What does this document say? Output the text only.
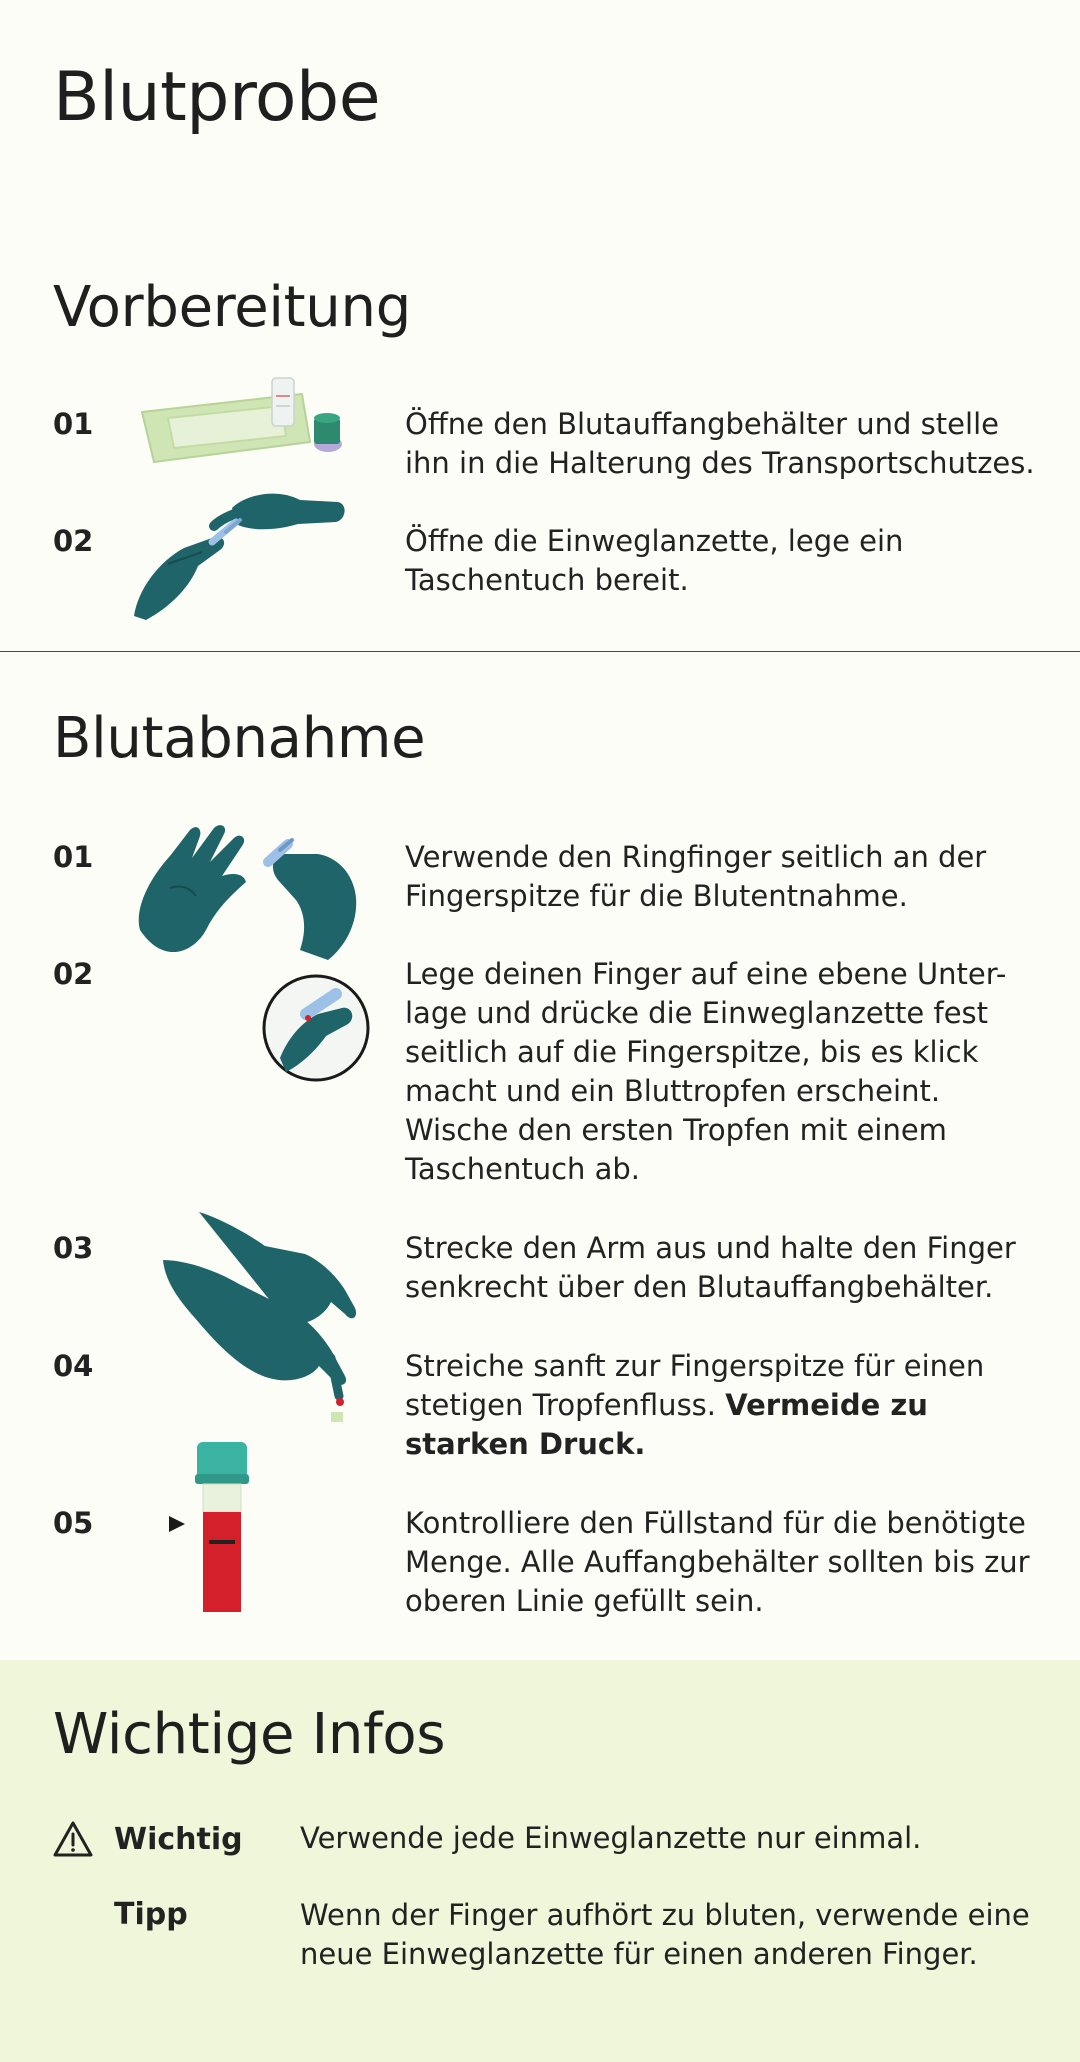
Blutprobe
Vorbereitung
01	Öffne den Blutauffangbehälter und stelle ihn in die Halterung des Transportschutzes.
02	Öffne die Einweglanzette, lege ein Taschentuch bereit.
Blutabnahme
01	Verwende den Ringfinger seitlich an der Fingerspitze für die Blutentnahme.
02	Lege deinen Finger auf eine ebene Unter-lage und drücke die Einweglanzette fest seitlich auf die Fingerspitze, bis es klick macht und ein Bluttropfen erscheint. Wische den ersten Tropfen mit einem Taschentuch ab.
03	Strecke den Arm aus und halte den Finger senkrecht über den Blutauffangbehälter.
04	Streiche sanft zur Fingerspitze für einen stetigen Tropfenfluss. Vermeide zu starken Druck.
05	Kontrolliere den Füllstand für die benötigte Menge. Alle Auffangbehälter sollten bis zur oberen Linie gefüllt sein.
Wichtige Infos
Wichtig Verwende jede Einweglanzette nur einmal.
Tipp	Wenn der Finger aufhört zu bluten, verwende eine neue Einweglanzette für einen anderen Finger.
